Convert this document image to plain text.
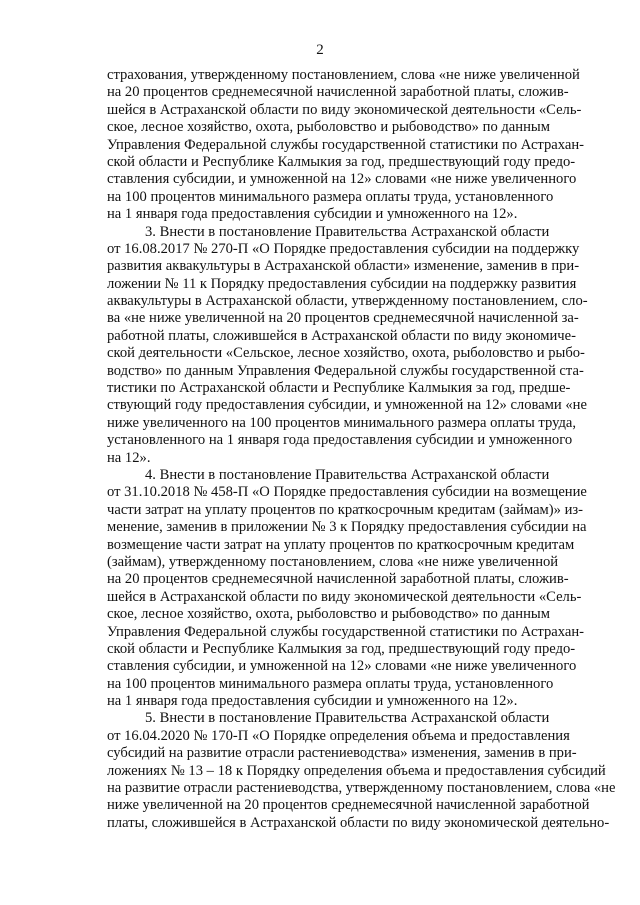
2
страхования, утвержденному постановлением, слова «не ниже увеличенной
на 20 процентов среднемесячной начисленной заработной платы, сложив-
шейся в Астраханской области по виду экономической деятельности «Сель-
ское, лесное хозяйство, охота, рыболовство и рыбоводство» по данным
Управления Федеральной службы государственной статистики по Астрахан-
ской области и Республике Калмыкия за год, предшествующий году предо-
ставления субсидии, и умноженной на 12» словами «не ниже увеличенного
на 100 процентов минимального размера оплаты труда, установленного
на 1 января года предоставления субсидии и умноженного на 12».
3. Внести в постановление Правительства Астраханской области
от 16.08.2017 № 270-П «О Порядке предоставления субсидии на поддержку
развития аквакультуры в Астраханской области» изменение, заменив в при-
ложении № 11 к Порядку предоставления субсидии на поддержку развития
аквакультуры в Астраханской области, утвержденному постановлением, сло-
ва «не ниже увеличенной на 20 процентов среднемесячной начисленной за-
работной платы, сложившейся в Астраханской области по виду экономиче-
ской деятельности «Сельское, лесное хозяйство, охота, рыболовство и рыбо-
водство» по данным Управления Федеральной службы государственной ста-
тистики по Астраханской области и Республике Калмыкия за год, предше-
ствующий году предоставления субсидии, и умноженной на 12» словами «не
ниже увеличенного на 100 процентов минимального размера оплаты труда,
установленного на 1 января года предоставления субсидии и умноженного
на 12».
4. Внести в постановление Правительства Астраханской области
от 31.10.2018 № 458-П «О Порядке предоставления субсидии на возмещение
части затрат на уплату процентов по краткосрочным кредитам (займам)» из-
менение, заменив в приложении № 3 к Порядку предоставления субсидии на
возмещение части затрат на уплату процентов по краткосрочным кредитам
(займам), утвержденному постановлением, слова «не ниже увеличенной
на 20 процентов среднемесячной начисленной заработной платы, сложив-
шейся в Астраханской области по виду экономической деятельности «Сель-
ское, лесное хозяйство, охота, рыболовство и рыбоводство» по данным
Управления Федеральной службы государственной статистики по Астрахан-
ской области и Республике Калмыкия за год, предшествующий году предо-
ставления субсидии, и умноженной на 12» словами «не ниже увеличенного
на 100 процентов минимального размера оплаты труда, установленного
на 1 января года предоставления субсидии и умноженного на 12».
5. Внести в постановление Правительства Астраханской области
от 16.04.2020 № 170-П «О Порядке определения объема и предоставления
субсидий на развитие отрасли растениеводства» изменения, заменив в при-
ложениях № 13 – 18 к Порядку определения объема и предоставления субсидий
на развитие отрасли растениеводства, утвержденному постановлением, слова «не
ниже увеличенной на 20 процентов среднемесячной начисленной заработной
платы, сложившейся в Астраханской области по виду экономической деятельно-
